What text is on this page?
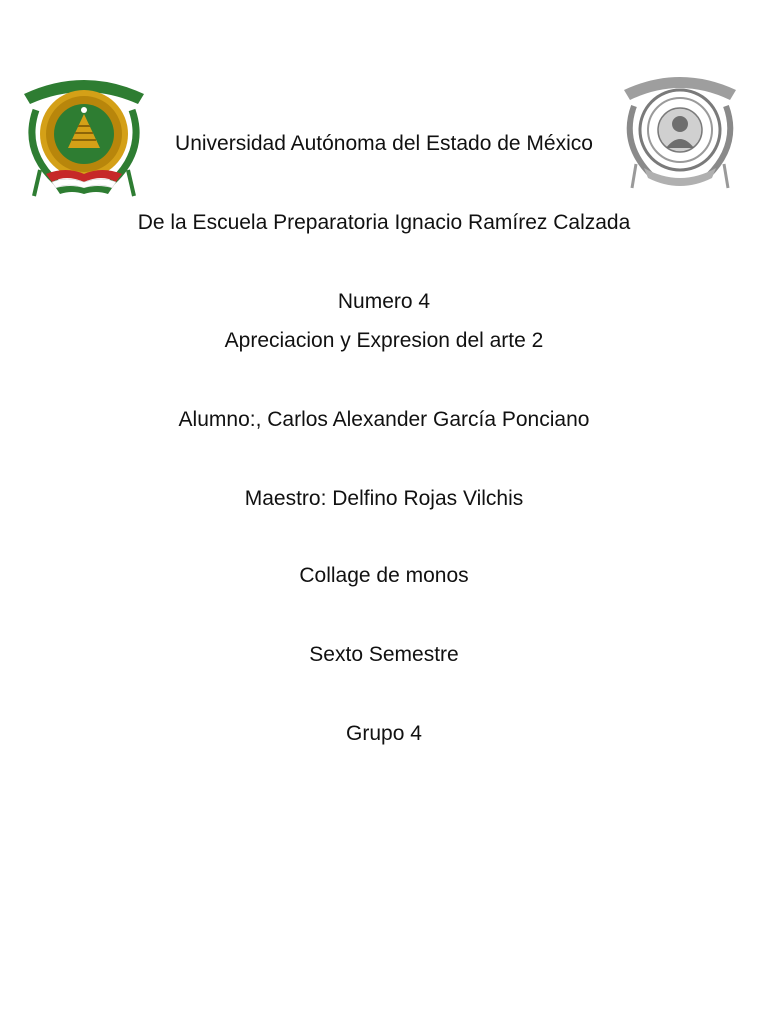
Universidad Autónoma del Estado de México
De la Escuela Preparatoria Ignacio Ramírez Calzada
Numero 4
Apreciacion y Expresion del arte 2
Alumno:, Carlos Alexander García Ponciano
Maestro: Delfino Rojas Vilchis
Collage de monos
Sexto Semestre
Grupo 4
